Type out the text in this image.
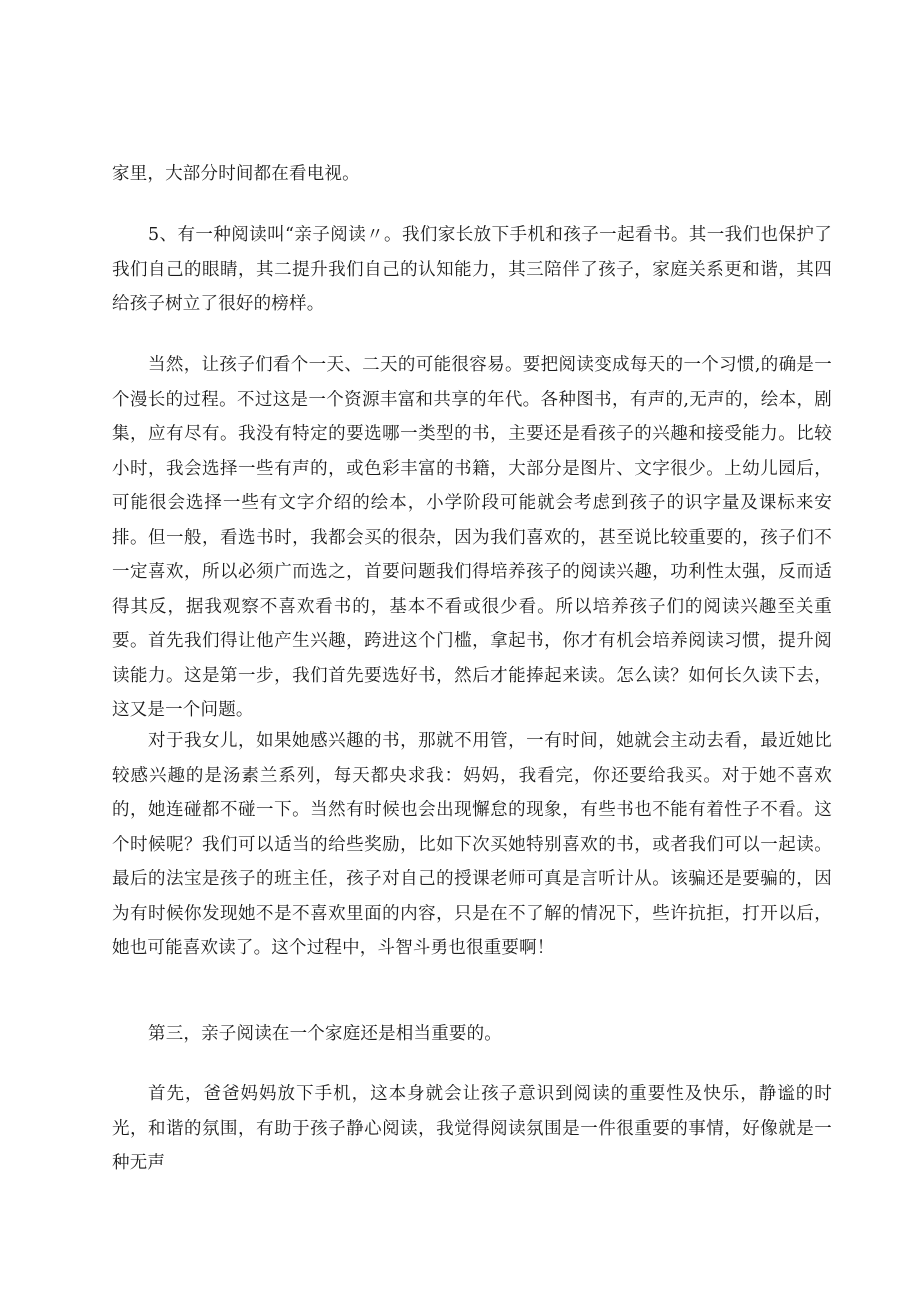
家里，大部分时间都在看电视。

5、有一种阅读叫“亲子阅读〃。我们家长放下手机和孩子一起看书。其一我们也保护了我们自己的眼睛，其二提升我们自己的认知能力，其三陪伴了孩子，家庭关系更和谐，其四给孩子树立了很好的榜样。

当然，让孩子们看个一天、二天的可能很容易。要把阅读变成每天的一个习惯,的确是一个漫长的过程。不过这是一个资源丰富和共享的年代。各种图书，有声的,无声的，绘本，剧集，应有尽有。我没有特定的要选哪一类型的书，主要还是看孩子的兴趣和接受能力。比较小时，我会选择一些有声的，或色彩丰富的书籍，大部分是图片、文字很少。上幼儿园后，可能很会选择一些有文字介绍的绘本，小学阶段可能就会考虑到孩子的识字量及课标来安排。但一般，看选书时，我都会买的很杂，因为我们喜欢的，甚至说比较重要的，孩子们不一定喜欢，所以必须广而选之，首要问题我们得培养孩子的阅读兴趣，功利性太强，反而适得其反，据我观察不喜欢看书的，基本不看或很少看。所以培养孩子们的阅读兴趣至关重要。首先我们得让他产生兴趣，跨进这个门槛，拿起书，你才有机会培养阅读习惯，提升阅读能力。这是第一步，我们首先要选好书，然后才能捧起来读。怎么读？如何长久读下去，这又是一个问题。

对于我女儿，如果她感兴趣的书，那就不用管，一有时间，她就会主动去看，最近她比较感兴趣的是汤素兰系列，每天都央求我：妈妈，我看完，你还要给我买。对于她不喜欢的，她连碰都不碰一下。当然有时候也会出现懈怠的现象，有些书也不能有着性子不看。这个时候呢？我们可以适当的给些奖励，比如下次买她特别喜欢的书，或者我们可以一起读。最后的法宝是孩子的班主任，孩子对自己的授课老师可真是言听计从。该骗还是要骗的，因为有时候你发现她不是不喜欢里面的内容，只是在不了解的情况下，些许抗拒，打开以后，她也可能喜欢读了。这个过程中，斗智斗勇也很重要啊！

第三，亲子阅读在一个家庭还是相当重要的。

首先，爸爸妈妈放下手机，这本身就会让孩子意识到阅读的重要性及快乐，静谧的时光，和谐的氛围，有助于孩子静心阅读，我觉得阅读氛围是一件很重要的事情，好像就是一种无声
